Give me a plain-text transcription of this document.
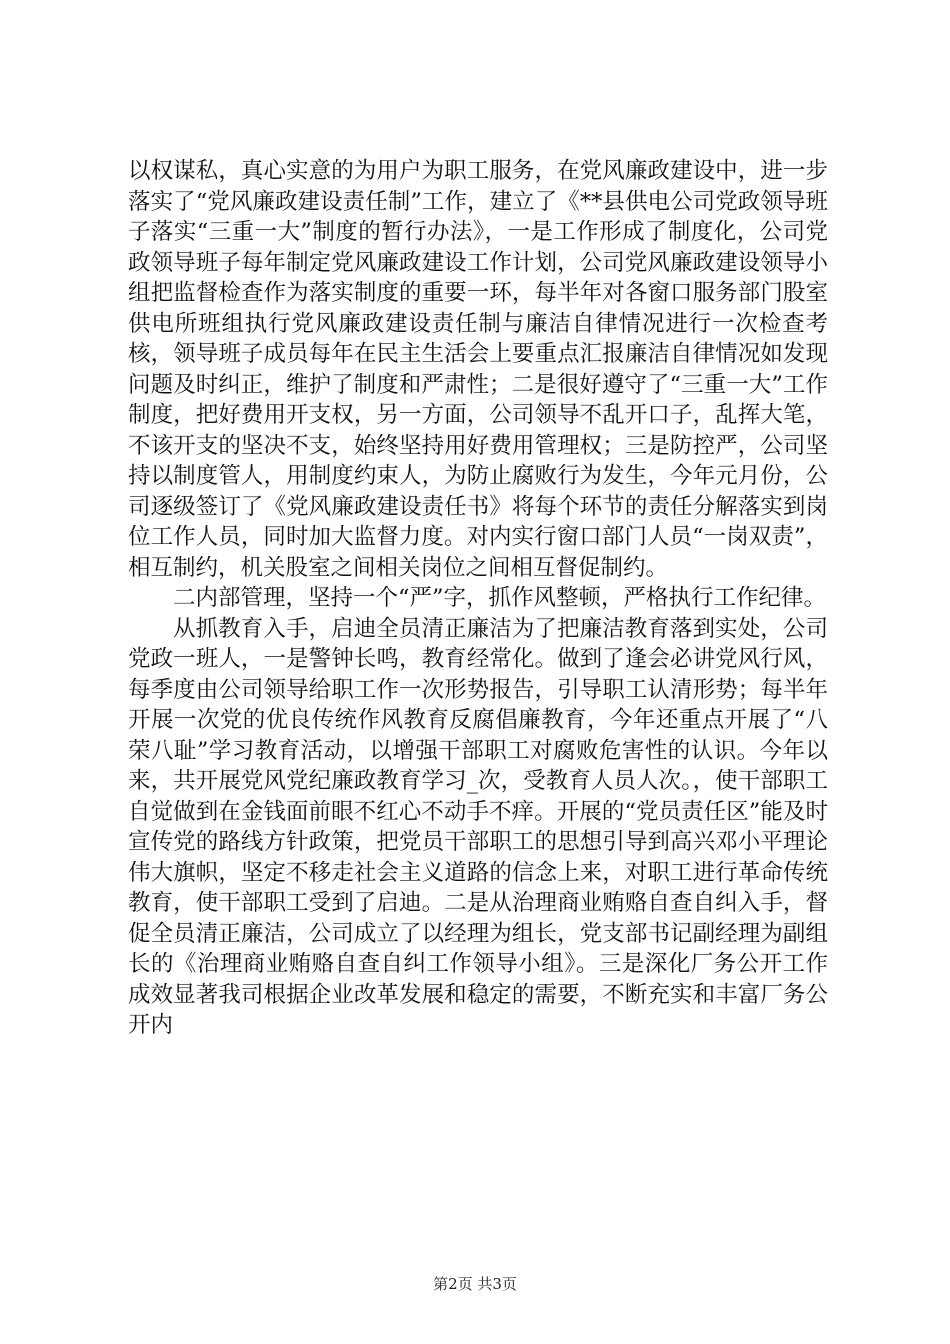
以权谋私，真心实意的为用户为职工服务，在党风廉政建设中，进一步落实了“党风廉政建设责任制”工作，建立了《**县供电公司党政领导班子落实“三重一大”制度的暂行办法》，一是工作形成了制度化，公司党政领导班子每年制定党风廉政建设工作计划，公司党风廉政建设领导小组把监督检查作为落实制度的重要一环，每半年对各窗口服务部门股室供电所班组执行党风廉政建设责任制与廉洁自律情况进行一次检查考核，领导班子成员每年在民主生活会上要重点汇报廉洁自律情况如发现问题及时纠正，维护了制度和严肃性；二是很好遵守了“三重一大”工作制度，把好费用开支权，另一方面，公司领导不乱开口子，乱挥大笔，不该开支的坚决不支，始终坚持用好费用管理权；三是防控严，公司坚持以制度管人，用制度约束人，为防止腐败行为发生，今年元月份，公司逐级签订了《党风廉政建设责任书》将每个环节的责任分解落实到岗位工作人员，同时加大监督力度。对内实行窗口部门人员“一岗双责”，相互制约，机关股室之间相关岗位之间相互督促制约。

二内部管理，坚持一个“严”字，抓作风整顿，严格执行工作纪律。

从抓教育入手，启迪全员清正廉洁为了把廉洁教育落到实处，公司党政一班人，一是警钟长鸣，教育经常化。做到了逢会必讲党风行风，每季度由公司领导给职工作一次形势报告，引导职工认清形势；每半年开展一次党的优良传统作风教育反腐倡廉教育，今年还重点开展了“八荣八耻”学习教育活动，以增强干部职工对腐败危害性的认识。今年以来，共开展党风党纪廉政教育学习_次，受教育人员人次。，使干部职工自觉做到在金钱面前眼不红心不动手不痒。开展的“党员责任区”能及时宣传党的路线方针政策，把党员干部职工的思想引导到高兴邓小平理论伟大旗帜，坚定不移走社会主义道路的信念上来，对职工进行革命传统教育，使干部职工受到了启迪。二是从治理商业贿赂自查自纠入手，督促全员清正廉洁，公司成立了以经理为组长，党支部书记副经理为副组长的《治理商业贿赂自查自纠工作领导小组》。三是深化厂务公开工作成效显著我司根据企业改革发展和稳定的需要，不断充实和丰富厂务公开内

第2页 共3页
